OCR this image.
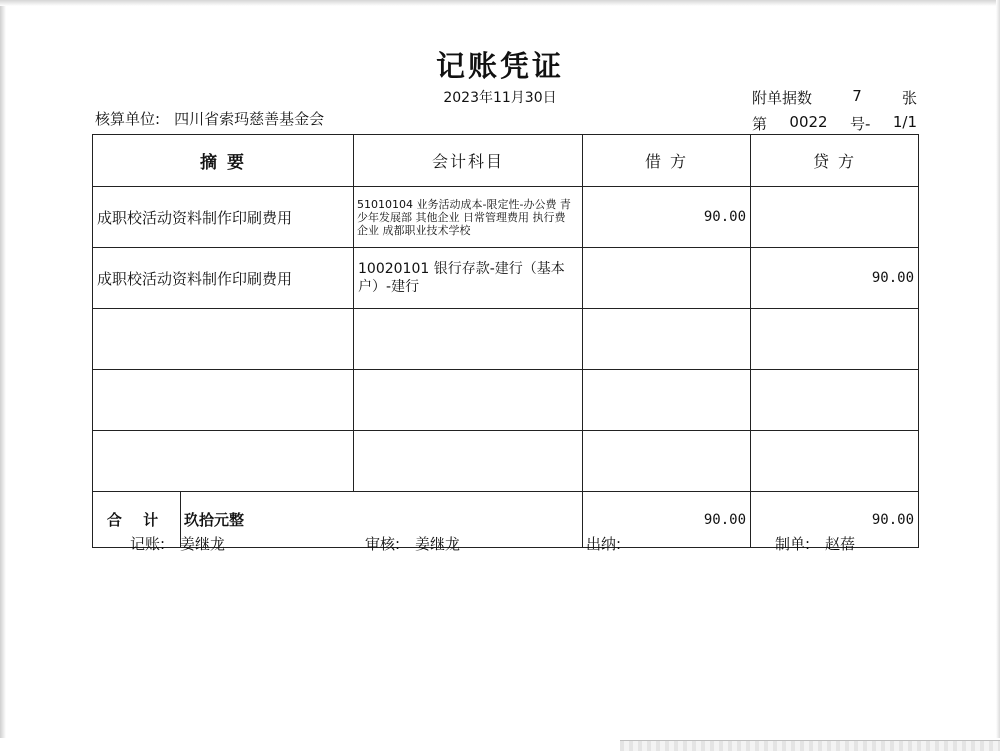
记账凭证
2023年11月30日	附单据数	7	张
核算单位: 四川省索玛慈善基金会	第 0022 号- 1/1
摘 要		会计科目	借 方	贷 方
成职校活动资料制作印刷费用		51010104 业务活动成本-限定性-办公费 青少年发展部 其他企业 日常管理费用 执行费 企业 成都职业技术学校	90.00	
成职校活动资料制作印刷费用		10020101 银行存款-建行（基本户）-建行		90.00

合 计	玖拾元整		90.00	90.00
记账:　姜继龙	审核:　姜继龙	出纳:	制单:　赵蓓
